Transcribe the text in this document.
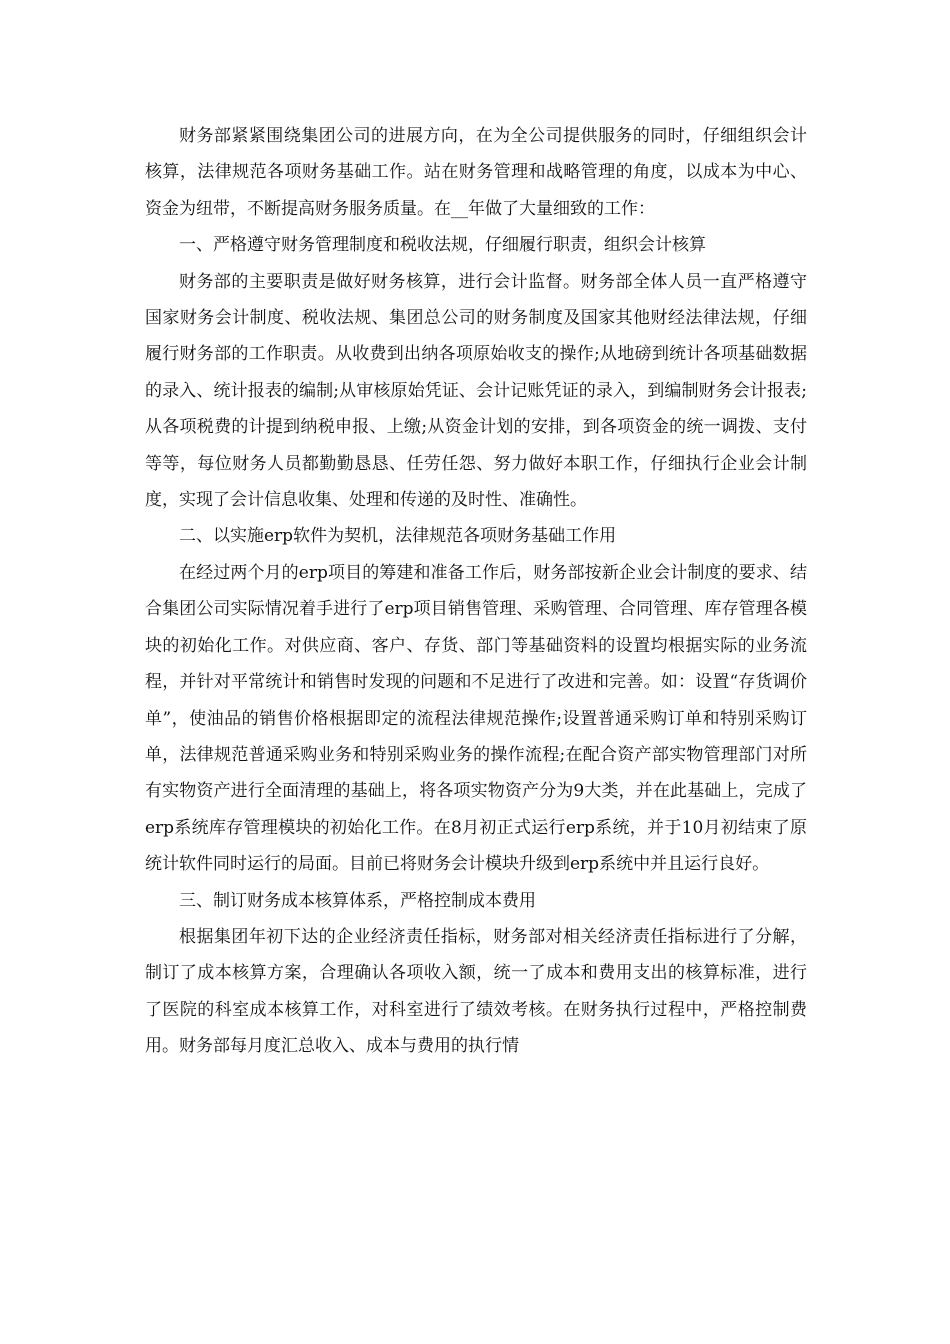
财务部紧紧围绕集团公司的进展方向，在为全公司提供服务的同时，仔细组织会计核算，法律规范各项财务基础工作。站在财务管理和战略管理的角度，以成本为中心、资金为纽带，不断提高财务服务质量。在__年做了大量细致的工作：

一、严格遵守财务管理制度和税收法规，仔细履行职责，组织会计核算

财务部的主要职责是做好财务核算，进行会计监督。财务部全体人员一直严格遵守国家财务会计制度、税收法规、集团总公司的财务制度及国家其他财经法律法规，仔细履行财务部的工作职责。从收费到出纳各项原始收支的操作;从地磅到统计各项基础数据的录入、统计报表的编制;从审核原始凭证、会计记账凭证的录入，到编制财务会计报表;从各项税费的计提到纳税申报、上缴;从资金计划的安排，到各项资金的统一调拨、支付等等，每位财务人员都勤勤恳恳、任劳任怨、努力做好本职工作，仔细执行企业会计制度，实现了会计信息收集、处理和传递的及时性、准确性。

二、以实施erp软件为契机，法律规范各项财务基础工作用

在经过两个月的erp项目的筹建和准备工作后，财务部按新企业会计制度的要求、结合集团公司实际情况着手进行了erp项目销售管理、采购管理、合同管理、库存管理各模块的初始化工作。对供应商、客户、存货、部门等基础资料的设置均根据实际的业务流程，并针对平常统计和销售时发现的问题和不足进行了改进和完善。如：设置“存货调价单”，使油品的销售价格根据即定的流程法律规范操作;设置普通采购订单和特别采购订单，法律规范普通采购业务和特别采购业务的操作流程;在配合资产部实物管理部门对所有实物资产进行全面清理的基础上，将各项实物资产分为9大类，并在此基础上，完成了erp系统库存管理模块的初始化工作。在8月初正式运行erp系统，并于10月初结束了原统计软件同时运行的局面。目前已将财务会计模块升级到erp系统中并且运行良好。

三、制订财务成本核算体系，严格控制成本费用

根据集团年初下达的企业经济责任指标，财务部对相关经济责任指标进行了分解，制订了成本核算方案，合理确认各项收入额，统一了成本和费用支出的核算标准，进行了医院的科室成本核算工作，对科室进行了绩效考核。在财务执行过程中，严格控制费用。财务部每月度汇总收入、成本与费用的执行情
